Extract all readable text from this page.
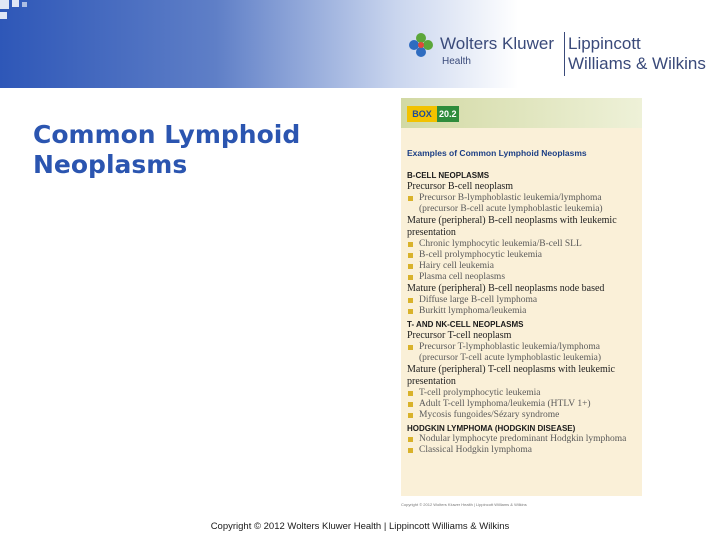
Wolters Kluwer
Health
Lippincott
Williams & Wilkins
Common Lymphoid Neoplasms
BOX 20.2
Examples of Common Lymphoid Neoplasms
B-CELL NEOPLASMS
Precursor B-cell neoplasm
Precursor B-lymphoblastic leukemia/lymphoma (precursor B-cell acute lymphoblastic leukemia)
Mature (peripheral) B-cell neoplasms with leukemic presentation
Chronic lymphocytic leukemia/B-cell SLL
B-cell prolymphocytic leukemia
Hairy cell leukemia
Plasma cell neoplasms
Mature (peripheral) B-cell neoplasms node based
Diffuse large B-cell lymphoma
Burkitt lymphoma/leukemia
T- AND NK-CELL NEOPLASMS
Precursor T-cell neoplasm
Precursor T-lymphoblastic leukemia/lymphoma (precursor T-cell acute lymphoblastic leukemia)
Mature (peripheral) T-cell neoplasms with leukemic presentation
T-cell prolymphocytic leukemia
Adult T-cell lymphoma/leukemia (HTLV 1+)
Mycosis fungoides/Sézary syndrome
HODGKIN LYMPHOMA (HODGKIN DISEASE)
Nodular lymphocyte predominant Hodgkin lymphoma
Classical Hodgkin lymphoma
Copyright © 2012 Wolters Kluwer Health | Lippincott Williams & Wilkins
Copyright © 2012 Wolters Kluwer Health | Lippincott Williams & Wilkins
